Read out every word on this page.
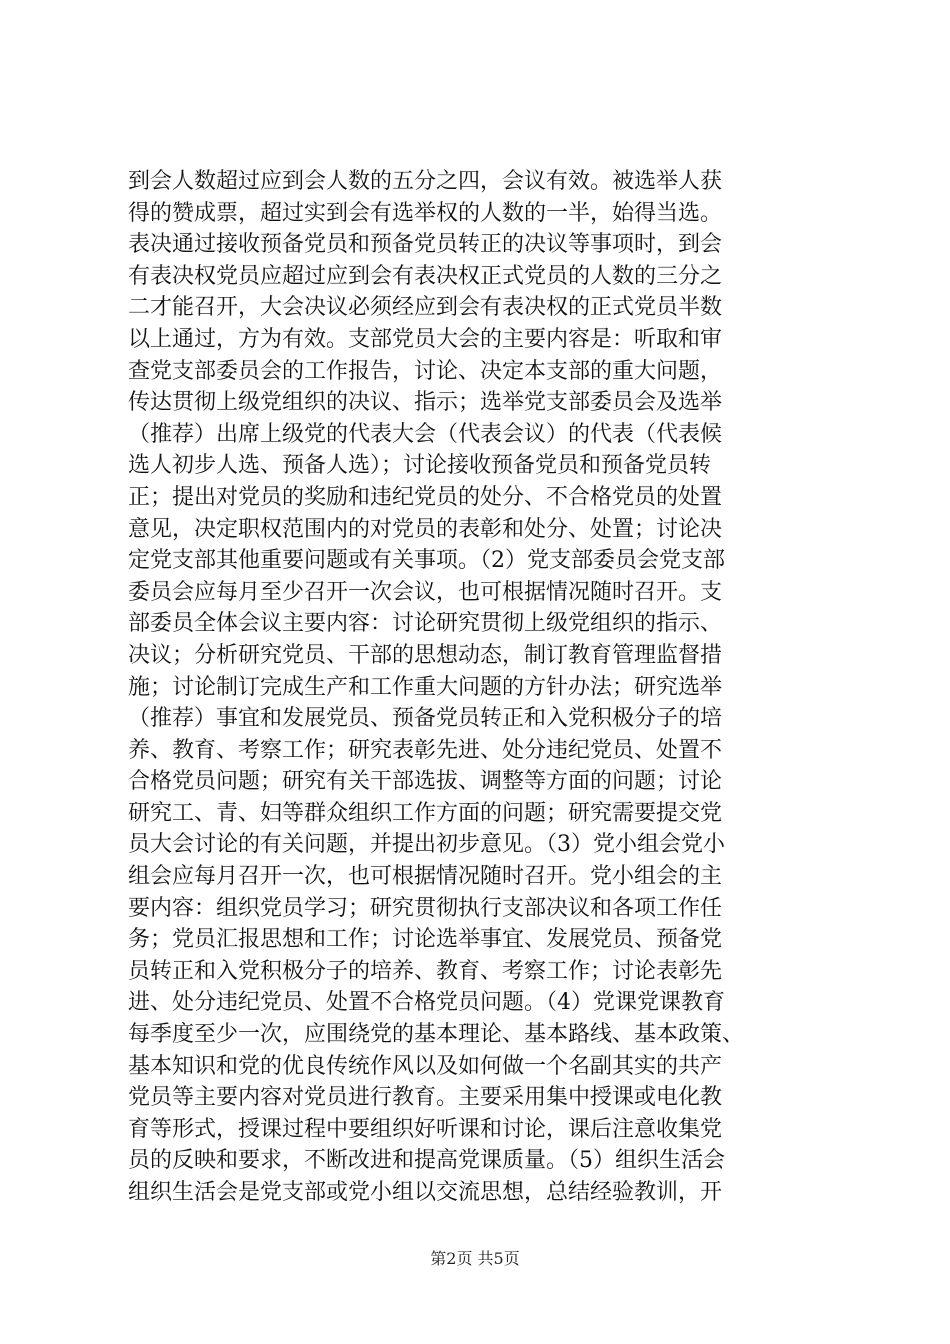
到会人数超过应到会人数的五分之四，会议有效。被选举人获
得的赞成票，超过实到会有选举权的人数的一半，始得当选。
表决通过接收预备党员和预备党员转正的决议等事项时，到会
有表决权党员应超过应到会有表决权正式党员的人数的三分之
二才能召开，大会决议必须经应到会有表决权的正式党员半数
以上通过，方为有效。支部党员大会的主要内容是：听取和审
查党支部委员会的工作报告，讨论、决定本支部的重大问题，
传达贯彻上级党组织的决议、指示；选举党支部委员会及选举
（推荐）出席上级党的代表大会（代表会议）的代表（代表候
选人初步人选、预备人选）；讨论接收预备党员和预备党员转
正；提出对党员的奖励和违纪党员的处分、不合格党员的处置
意见，决定职权范围内的对党员的表彰和处分、处置；讨论决
定党支部其他重要问题或有关事项。（2）党支部委员会党支部
委员会应每月至少召开一次会议，也可根据情况随时召开。支
部委员全体会议主要内容：讨论研究贯彻上级党组织的指示、
决议；分析研究党员、干部的思想动态，制订教育管理监督措
施；讨论制订完成生产和工作重大问题的方针办法；研究选举
（推荐）事宜和发展党员、预备党员转正和入党积极分子的培
养、教育、考察工作；研究表彰先进、处分违纪党员、处置不
合格党员问题；研究有关干部选拔、调整等方面的问题；讨论
研究工、青、妇等群众组织工作方面的问题；研究需要提交党
员大会讨论的有关问题，并提出初步意见。（3）党小组会党小
组会应每月召开一次，也可根据情况随时召开。党小组会的主
要内容：组织党员学习；研究贯彻执行支部决议和各项工作任
务；党员汇报思想和工作；讨论选举事宜、发展党员、预备党
员转正和入党积极分子的培养、教育、考察工作；讨论表彰先
进、处分违纪党员、处置不合格党员问题。（4）党课党课教育
每季度至少一次，应围绕党的基本理论、基本路线、基本政策、
基本知识和党的优良传统作风以及如何做一个名副其实的共产
党员等主要内容对党员进行教育。主要采用集中授课或电化教
育等形式，授课过程中要组织好听课和讨论，课后注意收集党
员的反映和要求，不断改进和提高党课质量。（5）组织生活会
组织生活会是党支部或党小组以交流思想，总结经验教训，开
第2页 共5页
